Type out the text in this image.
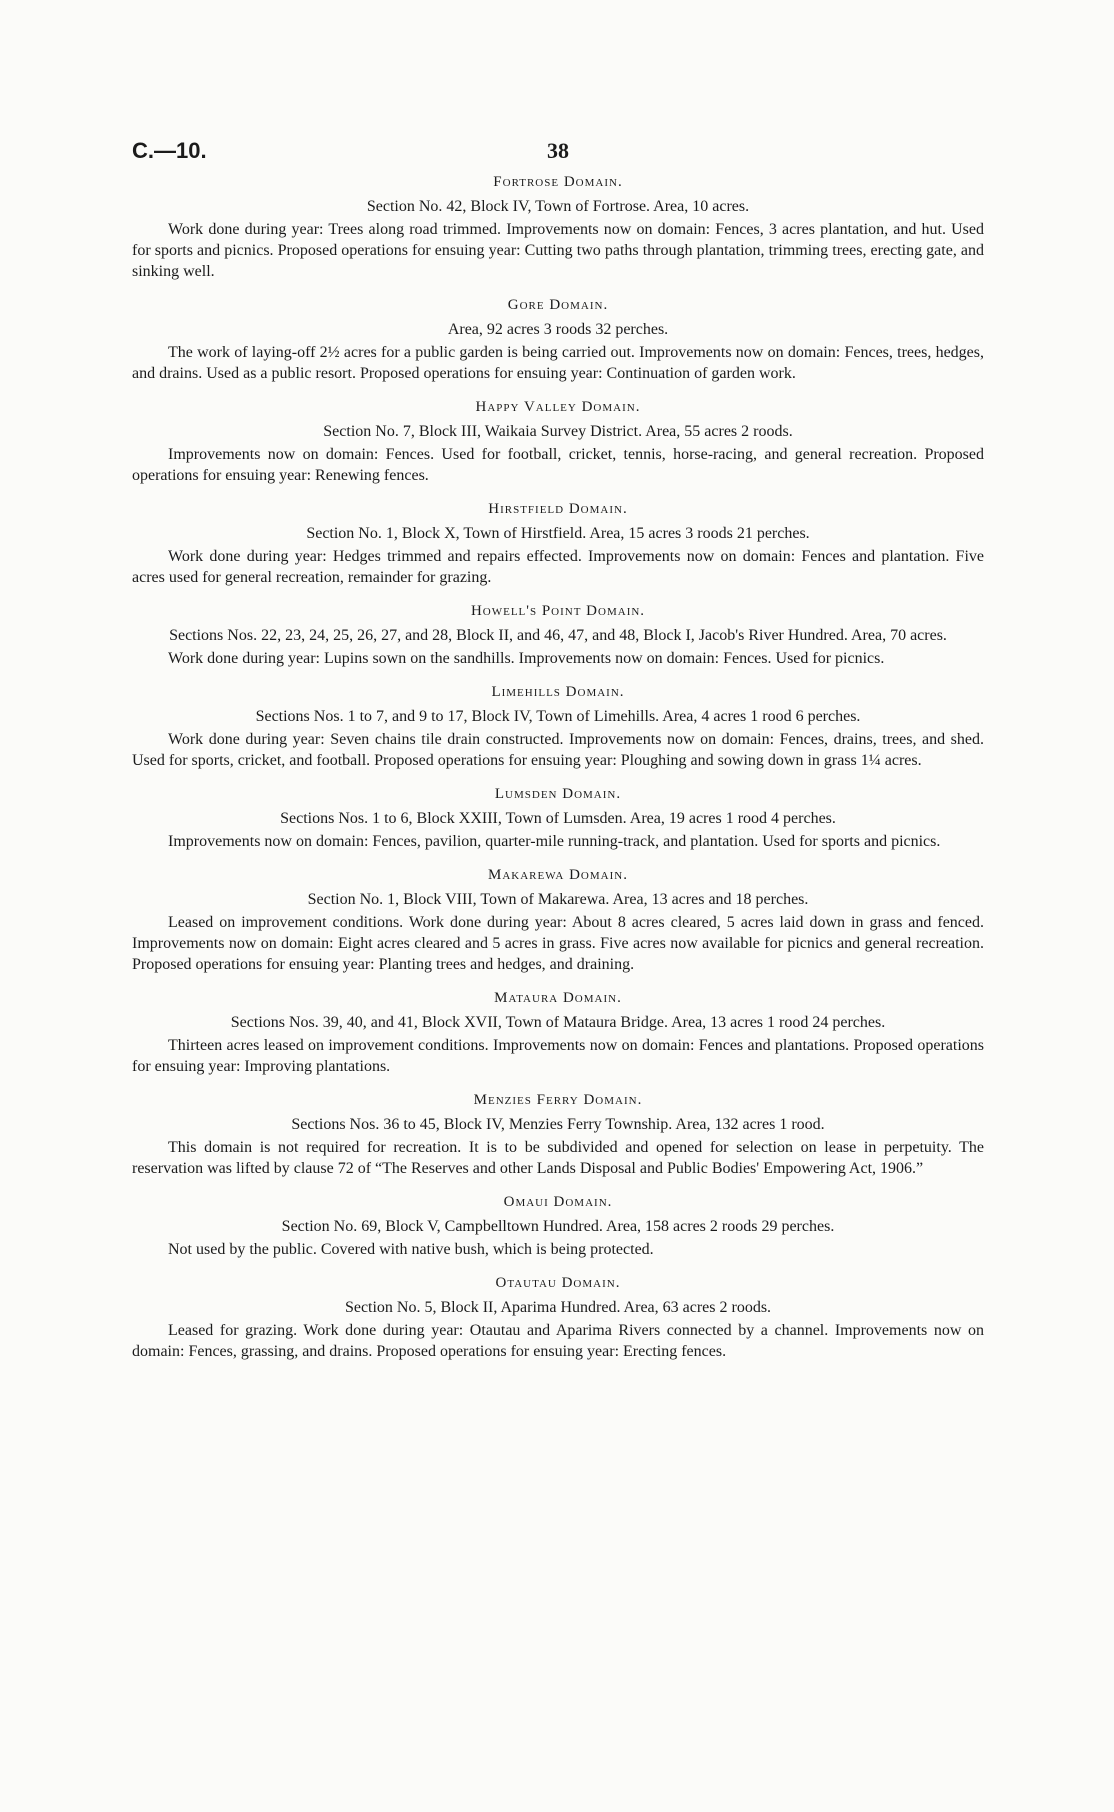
C.—10.	38
Fortrose Domain.
Section No. 42, Block IV, Town of Fortrose. Area, 10 acres.

Work done during year: Trees along road trimmed. Improvements now on domain: Fences, 3 acres plantation, and hut. Used for sports and picnics. Proposed operations for ensuing year: Cutting two paths through plantation, trimming trees, erecting gate, and sinking well.

Gore Domain.
Area, 92 acres 3 roods 32 perches.

The work of laying-off 2½ acres for a public garden is being carried out. Improvements now on domain: Fences, trees, hedges, and drains. Used as a public resort. Proposed operations for ensuing year: Continuation of garden work.

Happy Valley Domain.
Section No. 7, Block III, Waikaia Survey District. Area, 55 acres 2 roods.

Improvements now on domain: Fences. Used for football, cricket, tennis, horse-racing, and general recreation. Proposed operations for ensuing year: Renewing fences.

Hirstfield Domain.
Section No. 1, Block X, Town of Hirstfield. Area, 15 acres 3 roods 21 perches.

Work done during year: Hedges trimmed and repairs effected. Improvements now on domain: Fences and plantation. Five acres used for general recreation, remainder for grazing.

Howell's Point Domain.
Sections Nos. 22, 23, 24, 25, 26, 27, and 28, Block II, and 46, 47, and 48, Block I, Jacob's River Hundred. Area, 70 acres.

Work done during year: Lupins sown on the sandhills. Improvements now on domain: Fences. Used for picnics.

Limehills Domain.
Sections Nos. 1 to 7, and 9 to 17, Block IV, Town of Limehills. Area, 4 acres 1 rood 6 perches.

Work done during year: Seven chains tile drain constructed. Improvements now on domain: Fences, drains, trees, and shed. Used for sports, cricket, and football. Proposed operations for ensuing year: Ploughing and sowing down in grass 1¼ acres.

Lumsden Domain.
Sections Nos. 1 to 6, Block XXIII, Town of Lumsden. Area, 19 acres 1 rood 4 perches.

Improvements now on domain: Fences, pavilion, quarter-mile running-track, and plantation. Used for sports and picnics.

Makarewa Domain.
Section No. 1, Block VIII, Town of Makarewa. Area, 13 acres and 18 perches.

Leased on improvement conditions. Work done during year: About 8 acres cleared, 5 acres laid down in grass and fenced. Improvements now on domain: Eight acres cleared and 5 acres in grass. Five acres now available for picnics and general recreation. Proposed operations for ensuing year: Planting trees and hedges, and draining.

Mataura Domain.
Sections Nos. 39, 40, and 41, Block XVII, Town of Mataura Bridge. Area, 13 acres 1 rood 24 perches.

Thirteen acres leased on improvement conditions. Improvements now on domain: Fences and plantations. Proposed operations for ensuing year: Improving plantations.

Menzies Ferry Domain.
Sections Nos. 36 to 45, Block IV, Menzies Ferry Township. Area, 132 acres 1 rood.

This domain is not required for recreation. It is to be subdivided and opened for selection on lease in perpetuity. The reservation was lifted by clause 72 of “The Reserves and other Lands Disposal and Public Bodies' Empowering Act, 1906.”

Omaui Domain.
Section No. 69, Block V, Campbelltown Hundred. Area, 158 acres 2 roods 29 perches.

Not used by the public. Covered with native bush, which is being protected.

Otautau Domain.
Section No. 5, Block II, Aparima Hundred. Area, 63 acres 2 roods.

Leased for grazing. Work done during year: Otautau and Aparima Rivers connected by a channel. Improvements now on domain: Fences, grassing, and drains. Proposed operations for ensuing year: Erecting fences.
